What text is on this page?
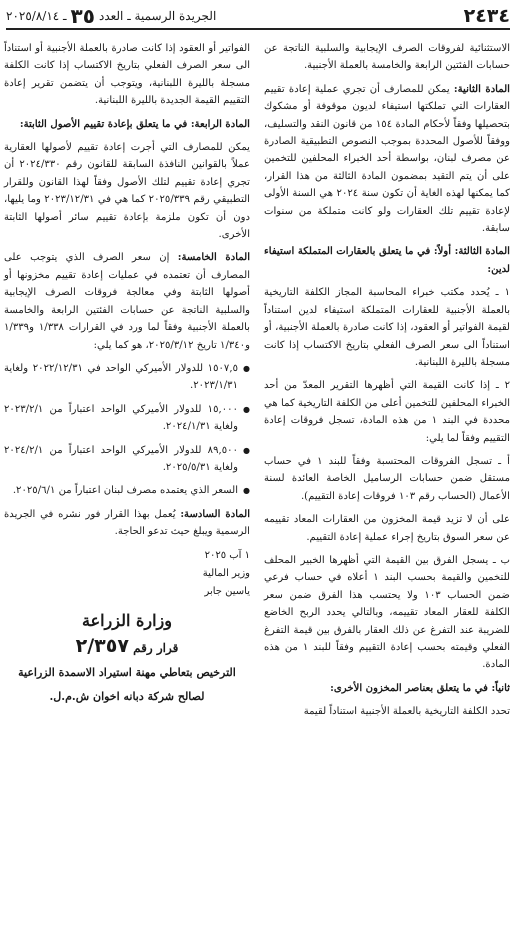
٢٤٣٤
الجريدة الرسمية ـ العدد
٣٥
ـ ٢٠٢٥/٨/١٤

الاستثنائية لفروقات الصرف الإيجابية والسلبية الناتجة عن حسابات الفئتين الرابعة والخامسة بالعملة الأجنبية.

المادة الثانية: يمكن للمصارف أن تجري عملية إعادة تقييم العقارات التي تملكتها استيفاء لديون موقوفة أو مشكوك بتحصيلها وفقاً لأحكام المادة ١٥٤ من قانون النقد والتسليف، ووفقاً للأصول المحددة بموجب النصوص التطبيقية الصادرة عن مصرف لبنان، بواسطة أحد الخبراء المحلفين للتخمين على أن يتم التقيد بمضمون المادة الثالثة من هذا القرار، كما يمكنها لهذه الغاية أن تكون سنة ٢٠٢٤ هي السنة الأولى لإعادة تقييم تلك العقارات ولو كانت متملكة من سنوات سابقة.

المادة الثالثة: أولاً: في ما يتعلق بالعقارات المتملكة استيفاء لدين:

١ ـ يُحدد مكتب خبراء المحاسبة المجاز الكلفة التاريخية بالعملة الأجنبية للعقارات المتملكة استيفاء لدين استناداً لقيمة الفواتير أو العقود، إذا كانت صادرة بالعملة الأجنبية، أو استناداً الى سعر الصرف الفعلي بتاريخ الاكتساب إذا كانت مسجلة بالليرة اللبنانية.

٢ ـ إذا كانت القيمة التي أظهرها التقرير المعدّ من أحد الخبراء المحلفين للتخمين أعلى من الكلفة التاريخية كما هي محددة في البند ١ من هذه المادة، تسجل فروقات إعادة التقييم وفقاً لما يلي:

أ ـ تسجل الفروقات المحتسبة وفقاً للبند ١ في حساب مستقل ضمن حسابات الرساميل الخاصة العائدة لسنة الأعمال (الحساب رقم ١٠٣ فروقات إعادة التقييم).

على أن لا تزيد قيمة المخزون من العقارات المعاد تقييمه عن سعر السوق بتاريخ إجراء عملية إعادة التقييم.

ب ـ يسجل الفرق بين القيمة التي أظهرها الخبير المحلف للتخمين والقيمة بحسب البند ١ أعلاه في حساب فرعي ضمن الحساب ١٠٣ ولا يحتسب هذا الفرق ضمن سعر الكلفة للعقار المعاد تقييمه، وبالتالي يحدد الربح الخاضع للضريبة عند التفرغ عن ذلك العقار بالفرق بين قيمة التفرغ الفعلي وقيمته بحسب إعادة التقييم وفقاً للبند ١ من هذه المادة.

ثانياً: في ما يتعلق بعناصر المخزون الأخرى:

تحدد الكلفة التاريخية بالعملة الأجنبية استناداً لقيمة

الفواتير أو العقود إذا كانت صادرة بالعملة الأجنبية أو استناداً الى سعر الصرف الفعلي بتاريخ الاكتساب إذا كانت الكلفة مسجلة بالليرة اللبنانية، ويتوجب أن يتضمن تقرير إعادة التقييم القيمة الجديدة بالليرة اللبنانية.

المادة الرابعة: في ما يتعلق بإعادة تقييم الأصول الثابتة:

يمكن للمصارف التي أجرت إعادة تقييم لأصولها العقارية عملاً بالقوانين النافذة السابقة للقانون رقم ٢٠٢٤/٣٣٠ أن تجري إعادة تقييم لتلك الأصول وفقاً لهذا القانون وللقرار التطبيقي رقم ٢٠٢٥/٣٣٩ كما هي في ٢٠٢٣/١٢/٣١ وما يليها، دون أن تكون ملزمة بإعادة تقييم سائر أصولها الثابتة الأخرى.

المادة الخامسة: إن سعر الصرف الذي يتوجب على المصارف أن تعتمده في عمليات إعادة تقييم مخزونها أو أصولها الثابتة وفي معالجة فروقات الصرف الإيجابية والسلبية الناتجة عن حسابات الفئتين الرابعة والخامسة بالعملة الأجنبية وفقاً لما ورد في القرارات ١/٣٣٨ و١/٣٣٩ و١/٣٤٠ تاريخ ٢٠٢٥/٣/١٢، هو كما يلي:

● ١٥٠٧,٥ للدولار الأميركي الواحد في ٢٠٢٢/١٢/٣١ ولغاية ٢٠٢٣/١/٣١.

● ١٥,٠٠٠ للدولار الأميركي الواحد اعتباراً من ٢٠٢٣/٢/١ ولغاية ٢٠٢٤/١/٣١.

● ٨٩,٥٠٠ للدولار الأميركي الواحد اعتباراً من ٢٠٢٤/٢/١ ولغاية ٢٠٢٥/٥/٣١.

● السعر الذي يعتمده مصرف لبنان اعتباراً من ٢٠٢٥/٦/١.

المادة السادسة: يُعمل بهذا القرار فور نشره في الجريدة الرسمية ويبلغ حيث تدعو الحاجة.

١ آب ٢٠٢٥
وزير المالية
ياسين جابر
وزارة الزراعة
قرار رقم ٢/٣٥٧
الترخيص بتعاطي مهنة استيراد الاسمدة الزراعية
لصالح شركة دبانه اخوان ش.م.ل.
